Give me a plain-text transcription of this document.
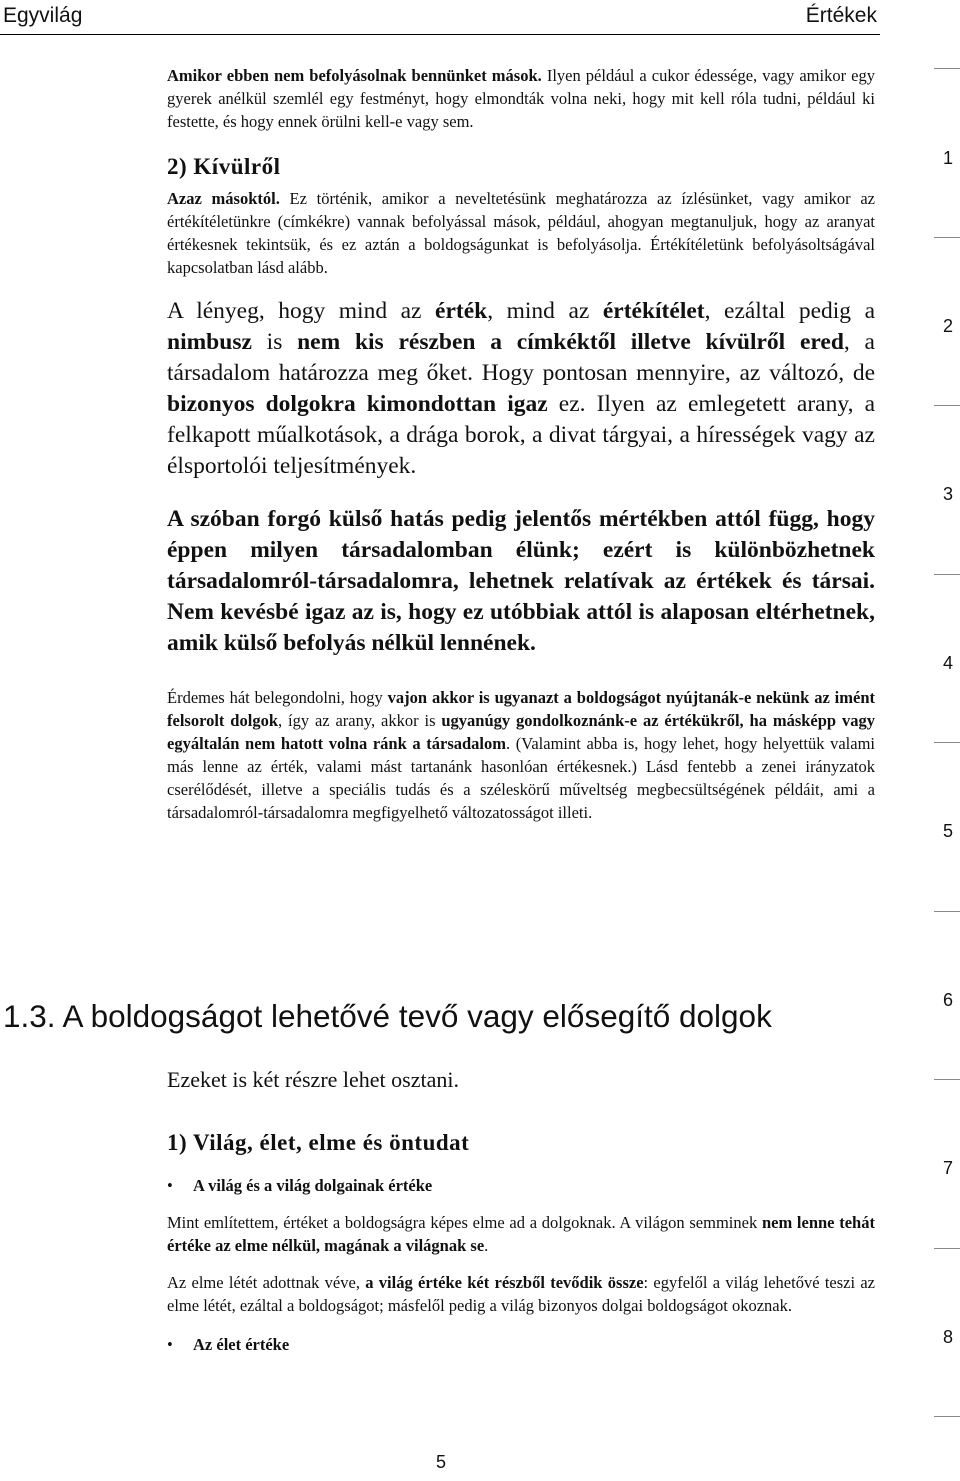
Egyvilág	Értékek
1
2
3
4
5
6
7
8

Amikor ebben nem befolyásolnak bennünket mások. Ilyen például a cukor édessége, vagy amikor egy gyerek anélkül szemlél egy festményt, hogy elmondták volna neki, hogy mit kell róla tudni, például ki festette, és hogy ennek örülni kell-e vagy sem.

2) Kívülről

Azaz másoktól. Ez történik, amikor a neveltetésünk meghatározza az ízlésünket, vagy amikor az értékítéletünkre (címkékre) vannak befolyással mások, például, ahogyan megtanuljuk, hogy az aranyat értékesnek tekintsük, és ez aztán a boldogságunkat is befolyásolja. Értékítéletünk befolyásoltságával kapcsolatban lásd alább.

A lényeg, hogy mind az érték, mind az értékítélet, ezáltal pedig a nimbusz is nem kis részben a címkéktől illetve kívülről ered, a társadalom határozza meg őket. Hogy pontosan mennyire, az változó, de bizonyos dolgokra kimondottan igaz ez. Ilyen az emlegetett arany, a felkapott műalkotások, a drága borok, a divat tárgyai, a hírességek vagy az élsportolói teljesítmények.

A szóban forgó külső hatás pedig jelentős mértékben attól függ, hogy éppen milyen társadalomban élünk; ezért is különbözhetnek társadalomról-társadalomra, lehetnek relatívak az értékek és társai. Nem kevésbé igaz az is, hogy ez utóbbiak attól is alaposan eltérhetnek, amik külső befolyás nélkül lennének.

Érdemes hát belegondolni, hogy vajon akkor is ugyanazt a boldogságot nyújtanák-e nekünk az imént felsorolt dolgok, így az arany, akkor is ugyanúgy gondolkoznánk-e az értékükről, ha másképp vagy egyáltalán nem hatott volna ránk a társadalom. (Valamint abba is, hogy lehet, hogy helyettük valami más lenne az érték, valami mást tartanánk hasonlóan értékesnek.) Lásd fentebb a zenei irányzatok cserélődését, illetve a speciális tudás és a széleskörű műveltség megbecsültségének példáit, ami a társadalomról-társadalomra megfigyelhető változatosságot illeti.

1.3. A boldogságot lehetővé tevő vagy elősegítő dolgok

Ezeket is két részre lehet osztani.

1) Világ, élet, elme és öntudat

• A világ és a világ dolgainak értéke

Mint említettem, értéket a boldogságra képes elme ad a dolgoknak. A világon semminek nem lenne tehát értéke az elme nélkül, magának a világnak se.

Az elme létét adottnak véve, a világ értéke két részből tevődik össze: egyfelől a világ lehetővé teszi az elme létét, ezáltal a boldogságot; másfelől pedig a világ bizonyos dolgai boldogságot okoznak.

• Az élet értéke

5
